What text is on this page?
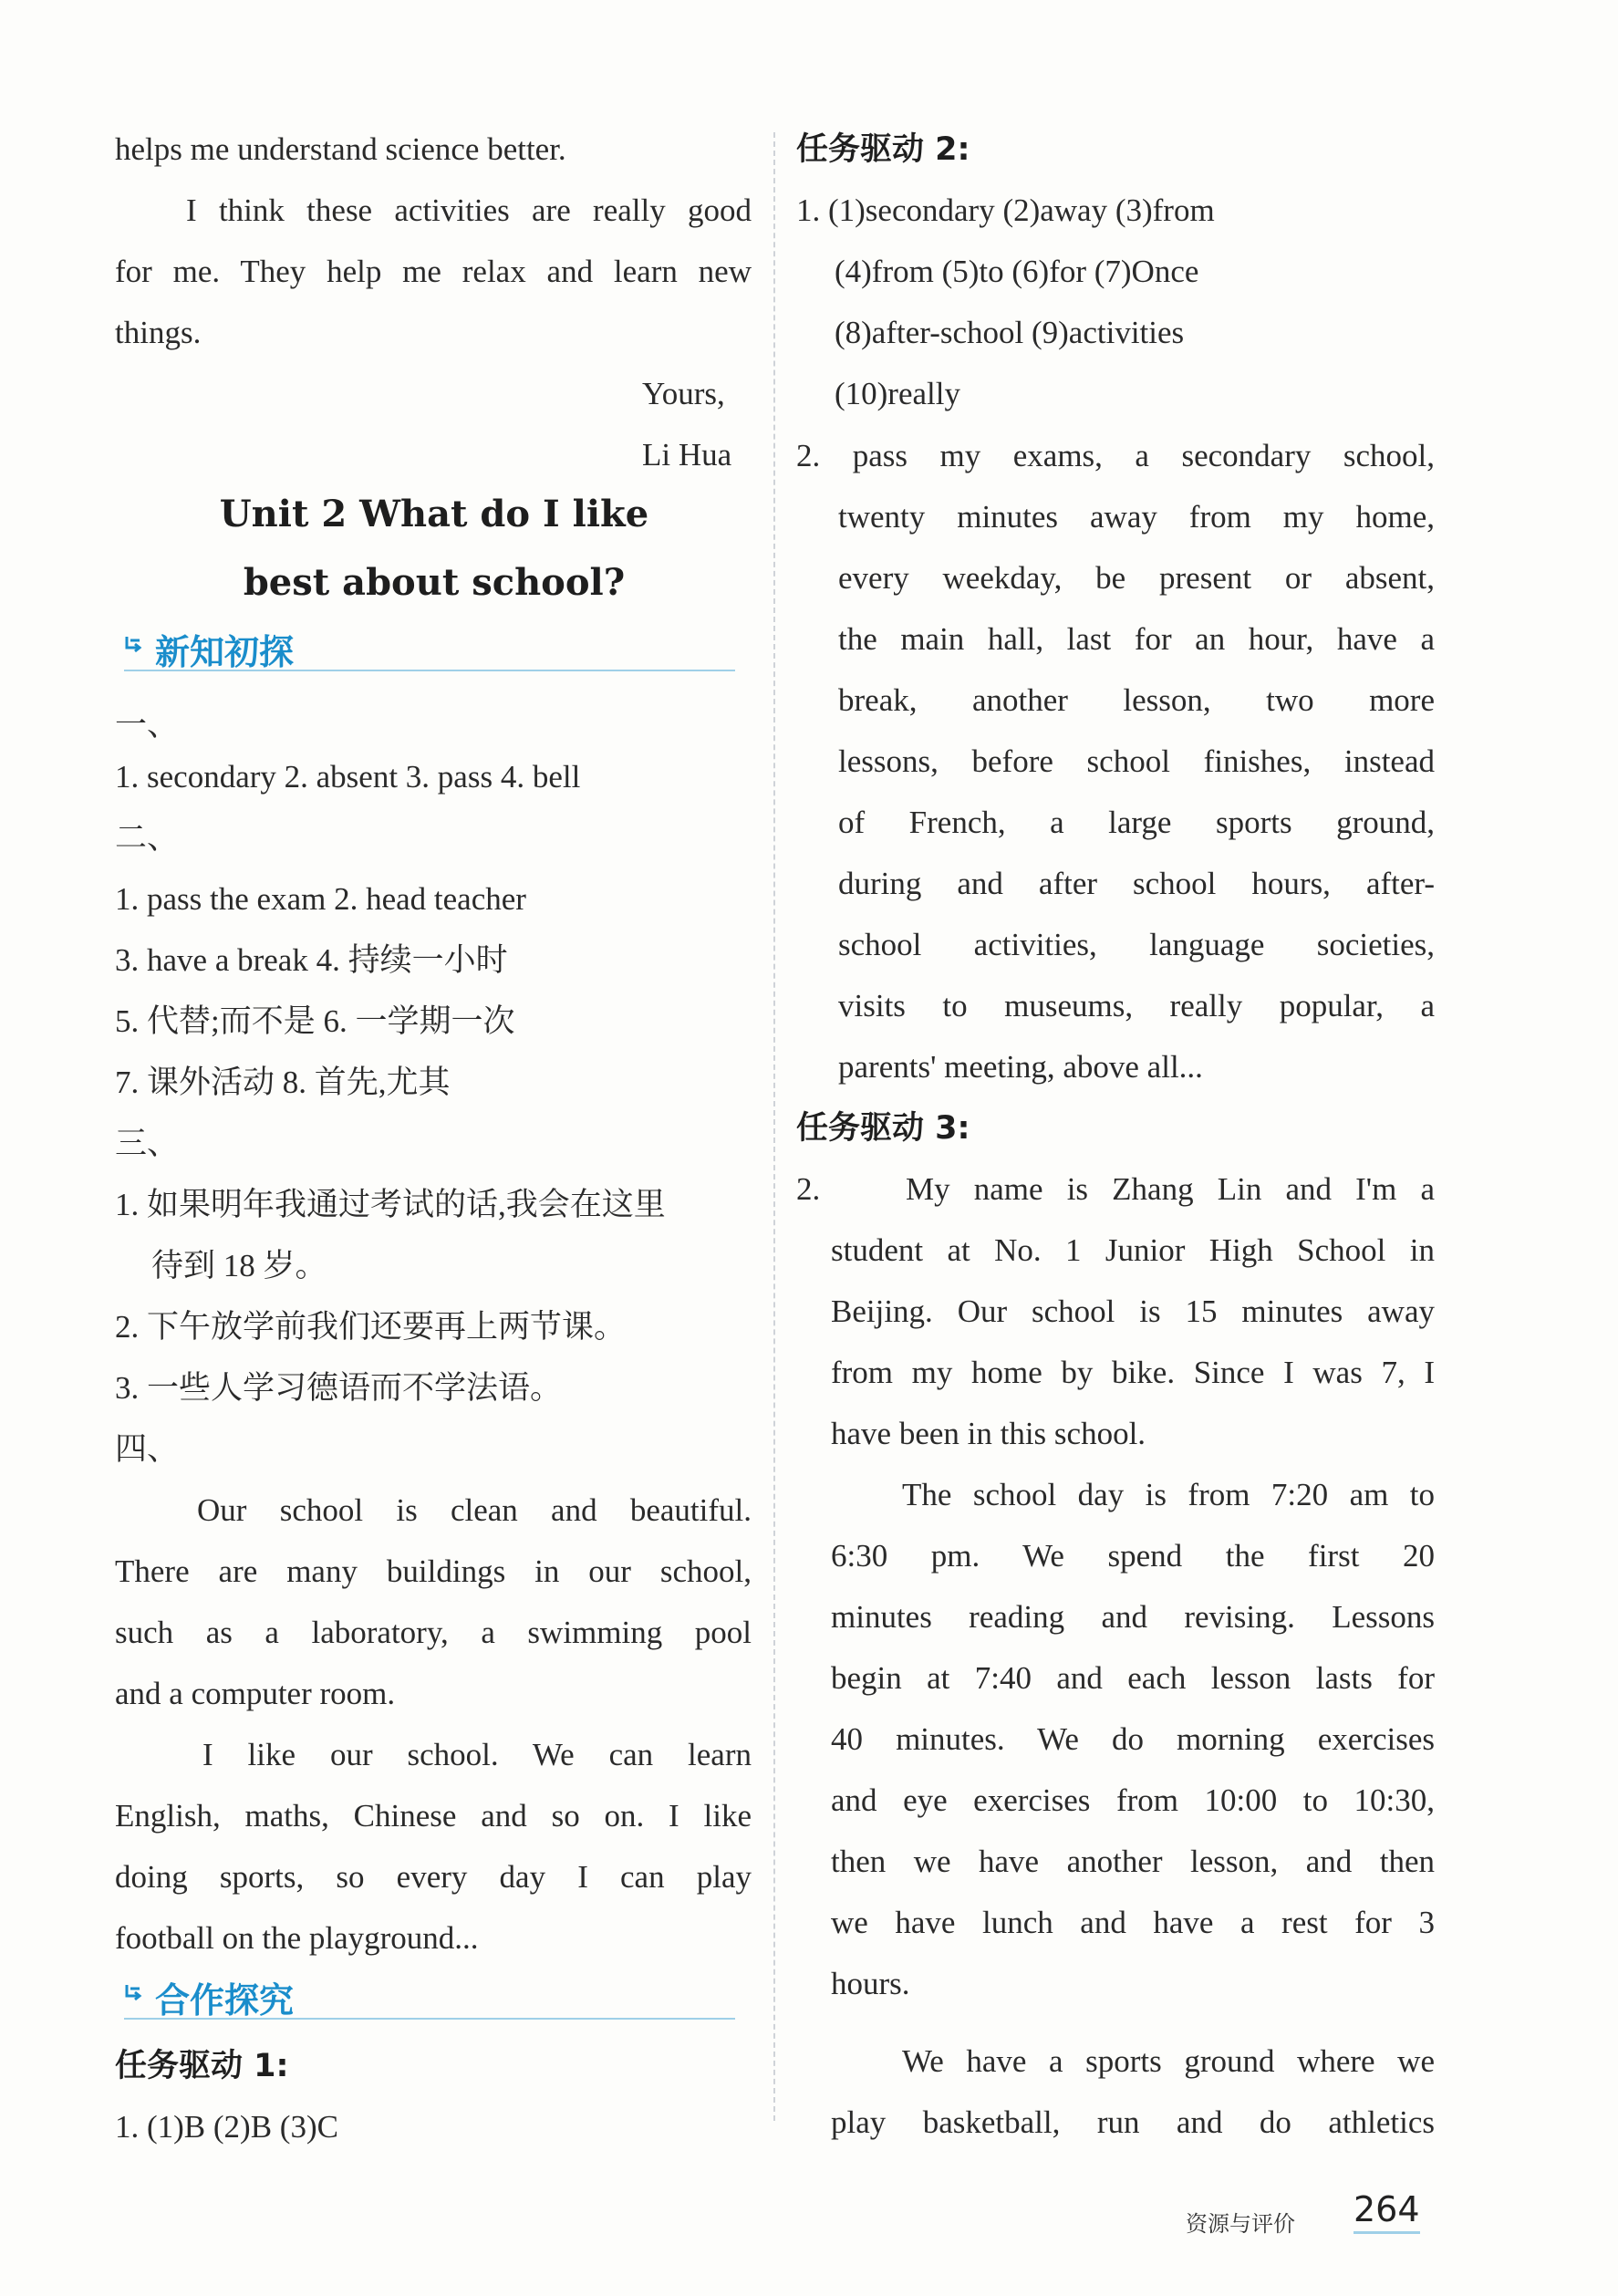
helps me understand science better.
I think these activities are really good
for me. They help me relax and learn new
things.
Yours,
Li Hua
Unit 2 What do I like
best about school?
新知初探
一、
1. secondary 2. absent 3. pass 4. bell
二、
1. pass the exam 2. head teacher
3. have a break 4. 持续一小时
5. 代替;而不是 6. 一学期一次
7. 课外活动 8. 首先,尤其
三、
1. 如果明年我通过考试的话,我会在这里
待到 18 岁。
2. 下午放学前我们还要再上两节课。
3. 一些人学习德语而不学法语。
四、
Our school is clean and beautiful.
There are many buildings in our school,
such as a laboratory, a swimming pool
and a computer room.
I like our school. We can learn
English, maths, Chinese and so on. I like
doing sports, so every day I can play
football on the playground...
合作探究
任务驱动 1:
1. (1)B (2)B (3)C
任务驱动 2:
1. (1)secondary (2)away (3)from
(4)from (5)to (6)for (7)Once
(8)after-school (9)activities
(10)really
2. pass my exams, a secondary school,
twenty minutes away from my home,
every weekday, be present or absent,
the main hall, last for an hour, have a
break, another lesson, two more
lessons, before school finishes, instead
of French, a large sports ground,
during and after school hours, after-
school activities, language societies,
visits to museums, really popular, a
parents' meeting, above all...
任务驱动 3:
2.	My name is Zhang Lin and I'm a
student at No. 1 Junior High School in
Beijing. Our school is 15 minutes away
from my home by bike. Since I was 7, I
have been in this school.
The school day is from 7:20 am to
6:30 pm. We spend the first 20
minutes reading and revising. Lessons
begin at 7:40 and each lesson lasts for
40 minutes. We do morning exercises
and eye exercises from 10:00 to 10:30,
then we have another lesson, and then
we have lunch and have a rest for 3
hours.
We have a sports ground where we
play basketball, run and do athletics
资源与评价 264
